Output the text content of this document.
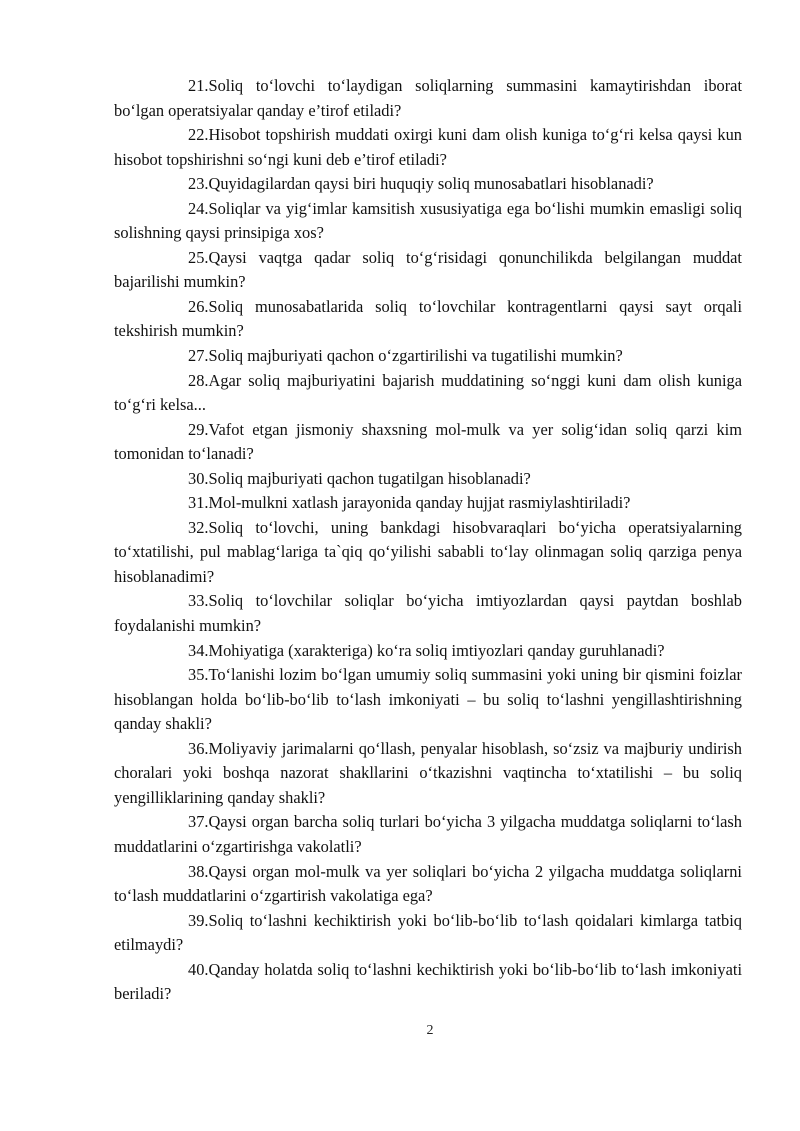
21.Soliq to‘lovchi to‘laydigan soliqlarning summasini kamaytirishdan iborat bo‘lgan operatsiyalar qanday e’tirof etiladi?

22.Hisobot topshirish muddati oxirgi kuni dam olish kuniga to‘g‘ri kelsa qaysi kun hisobot topshirishni so‘ngi kuni deb e’tirof etiladi?

23.Quyidagilardan qaysi biri huquqiy soliq munosabatlari hisoblanadi?

24.Soliqlar va yig‘imlar kamsitish xususiyatiga ega bo‘lishi mumkin emasligi soliq solishning qaysi prinsipiga xos?

25.Qaysi vaqtga qadar soliq to‘g‘risidagi qonunchilikda belgilangan muddat bajarilishi mumkin?

26.Soliq munosabatlarida soliq to‘lovchilar kontragentlarni qaysi sayt orqali tekshirish mumkin?

27.Soliq majburiyati qachon o‘zgartirilishi va tugatilishi mumkin?

28.Agar soliq majburiyatini bajarish muddatining so‘nggi kuni dam olish kuniga to‘g‘ri kelsa...

29.Vafot etgan jismoniy shaxsning mol-mulk va yer solig‘idan soliq qarzi kim tomonidan to‘lanadi?

30.Soliq majburiyati qachon tugatilgan hisoblanadi?

31.Mol-mulkni xatlash jarayonida qanday hujjat rasmiylashtiriladi?

32.Soliq to‘lovchi, uning bankdagi hisobvaraqlari bo‘yicha operatsiyalarning to‘xtatilishi, pul mablag‘lariga ta`qiq qo‘yilishi sababli to‘lay olinmagan soliq qarziga penya hisoblanadimi?

33.Soliq to‘lovchilar soliqlar bo‘yicha imtiyozlardan qaysi paytdan boshlab foydalanishi mumkin?

34.Mohiyatiga (xarakteriga) ko‘ra soliq imtiyozlari qanday guruhlanadi?

35.To‘lanishi lozim bo‘lgan umumiy soliq summasini yoki uning bir qismini foizlar hisoblangan holda bo‘lib-bo‘lib to‘lash imkoniyati – bu soliq to‘lashni yengillashtirishning qanday shakli?

36.Moliyaviy jarimalarni qo‘llash, penyalar hisoblash, so‘zsiz va majburiy undirish choralari yoki boshqa nazorat shakllarini o‘tkazishni vaqtincha to‘xtatilishi – bu soliq yengilliklarining qanday shakli?

37.Qaysi organ barcha soliq turlari bo‘yicha 3 yilgacha muddatga soliqlarni to‘lash muddatlarini o‘zgartirishga vakolatli?

38.Qaysi organ mol-mulk va yer soliqlari bo‘yicha 2 yilgacha muddatga soliqlarni to‘lash muddatlarini o‘zgartirish vakolatiga ega?

39.Soliq to‘lashni kechiktirish yoki bo‘lib-bo‘lib to‘lash qoidalari kimlarga tatbiq etilmaydi?

40.Qanday holatda soliq to‘lashni kechiktirish yoki bo‘lib-bo‘lib to‘lash imkoniyati beriladi?

2
